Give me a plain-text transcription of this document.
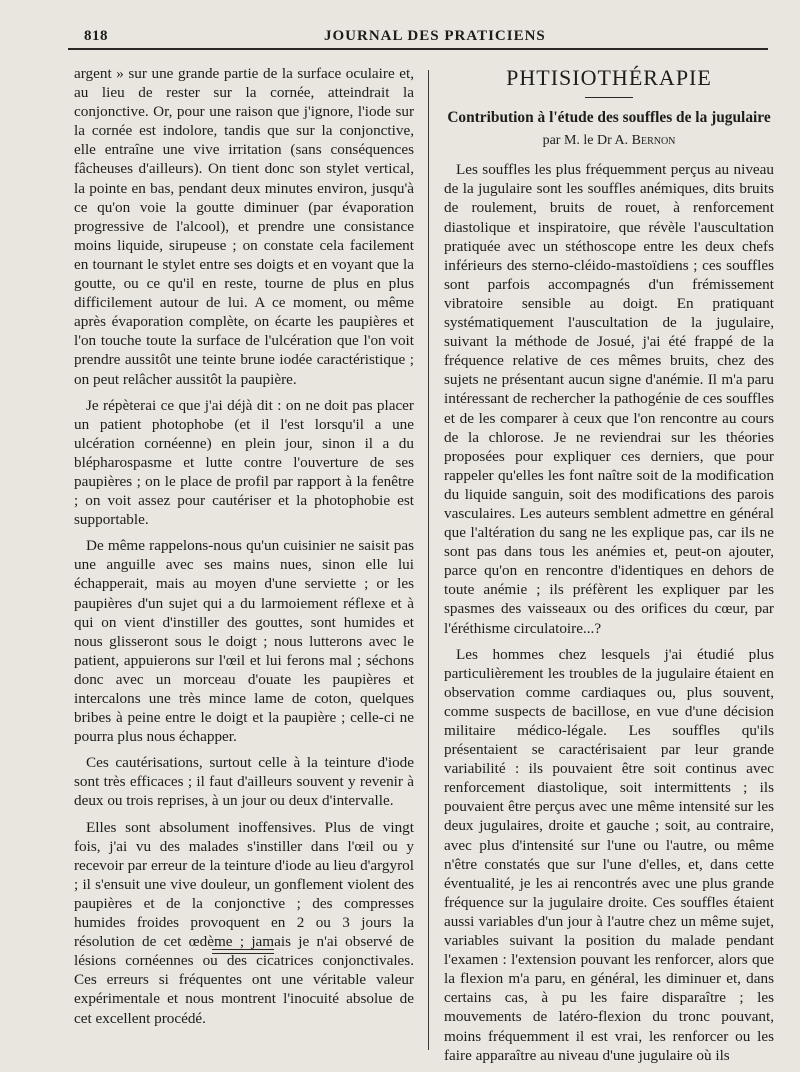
818	JOURNAL DES PRATICIENS

argent » sur une grande partie de la surface oculaire et, au lieu de rester sur la cornée, atteindrait la conjonctive. Or, pour une raison que j'ignore, l'iode sur la cornée est indolore, tandis que sur la conjonctive, elle entraîne une vive irritation (sans conséquences fâcheuses d'ailleurs). On tient donc son stylet vertical, la pointe en bas, pendant deux minutes environ, jusqu'à ce qu'on voie la goutte diminuer (par évaporation progressive de l'alcool), et prendre une consistance moins liquide, sirupeuse ; on constate cela facilement en tournant le stylet entre ses doigts et en voyant que la goutte, ou ce qu'il en reste, tourne de plus en plus difficilement autour de lui. A ce moment, ou même après évaporation complète, on écarte les paupières et l'on touche toute la surface de l'ulcération que l'on voit prendre aussitôt une teinte brune iodée caractéristique ; on peut relâcher aussitôt la paupière.

Je répèterai ce que j'ai déjà dit : on ne doit pas placer un patient photophobe (et il l'est lorsqu'il a une ulcération cornéenne) en plein jour, sinon il a du blépharospasme et lutte contre l'ouverture de ses paupières ; on le place de profil par rapport à la fenêtre ; on voit assez pour cautériser et la photophobie est supportable.

De même rappelons-nous qu'un cuisinier ne saisit pas une anguille avec ses mains nues, sinon elle lui échapperait, mais au moyen d'une serviette ; or les paupières d'un sujet qui a du larmoiement réflexe et à qui on vient d'instiller des gouttes, sont humides et nous glisseront sous le doigt ; nous lutterons avec le patient, appuierons sur l'œil et lui ferons mal ; séchons donc avec un morceau d'ouate les paupières et intercalons une très mince lame de coton, quelques bribes à peine entre le doigt et la paupière ; celle-ci ne pourra plus nous échapper.

Ces cautérisations, surtout celle à la teinture d'iode sont très efficaces ; il faut d'ailleurs souvent y revenir à deux ou trois reprises, à un jour ou deux d'intervalle.

Elles sont absolument inoffensives. Plus de vingt fois, j'ai vu des malades s'instiller dans l'œil ou y recevoir par erreur de la teinture d'iode au lieu d'argyrol ; il s'ensuit une vive douleur, un gonflement violent des paupières et de la conjonctive ; des compresses humides froides provoquent en 2 ou 3 jours la résolution de cet œdème ; jamais je n'ai observé de lésions cornéennes ou des cicatrices conjonctivales. Ces erreurs si fréquentes ont une véritable valeur expérimentale et nous montrent l'inocuité absolue de cet excellent procédé.

PHTISIOTHÉRAPIE
Contribution à l'étude des souffles de la jugulaire
par M. le Dr A. Bernon

Les souffles les plus fréquemment perçus au niveau de la jugulaire sont les souffles anémiques, dits bruits de roulement, bruits de rouet, à renforcement diastolique et inspiratoire, que révèle l'auscultation pratiquée avec un stéthoscope entre les deux chefs inférieurs des sterno-cléido-mastoïdiens ; ces souffles sont parfois accompagnés d'un frémissement vibratoire sensible au doigt. En pratiquant systématiquement l'auscultation de la jugulaire, suivant la méthode de Josué, j'ai été frappé de la fréquence relative de ces mêmes bruits, chez des sujets ne présentant aucun signe d'anémie. Il m'a paru intéressant de rechercher la pathogénie de ces souffles et de les comparer à ceux que l'on rencontre au cours de la chlorose. Je ne reviendrai sur les théories proposées pour expliquer ces derniers, que pour rappeler qu'elles les font naître soit de la modification du liquide sanguin, soit des modifications des parois vasculaires. Les auteurs semblent admettre en général que l'altération du sang ne les explique pas, car ils ne sont pas dans tous les anémies et, peut-on ajouter, parce qu'on en rencontre d'identiques en dehors de toute anémie ; ils préfèrent les expliquer par les spasmes des vaisseaux ou des orifices du cœur, par l'éréthisme circulatoire...?

Les hommes chez lesquels j'ai étudié plus particulièrement les troubles de la jugulaire étaient en observation comme cardiaques ou, plus souvent, comme suspects de bacillose, en vue d'une décision militaire médico-légale. Les souffles qu'ils présentaient se caractérisaient par leur grande variabilité : ils pouvaient être soit continus avec renforcement diastolique, soit intermittents ; ils pouvaient être perçus avec une même intensité sur les deux jugulaires, droite et gauche ; soit, au contraire, avec plus d'intensité sur l'une ou l'autre, ou même n'être constatés que sur l'une d'elles, et, dans cette éventualité, je les ai rencontrés avec une plus grande fréquence sur la jugulaire droite. Ces souffles étaient aussi variables d'un jour à l'autre chez un même sujet, variables suivant la position du malade pendant l'examen : l'extension pouvant les renforcer, alors que la flexion m'a paru, en général, les diminuer et, dans certains cas, à pu les faire disparaître ; les mouvements de latéro-flexion du tronc pouvant, moins fréquemment il est vrai, les renforcer ou les faire apparaître au niveau d'une jugulaire où ils
